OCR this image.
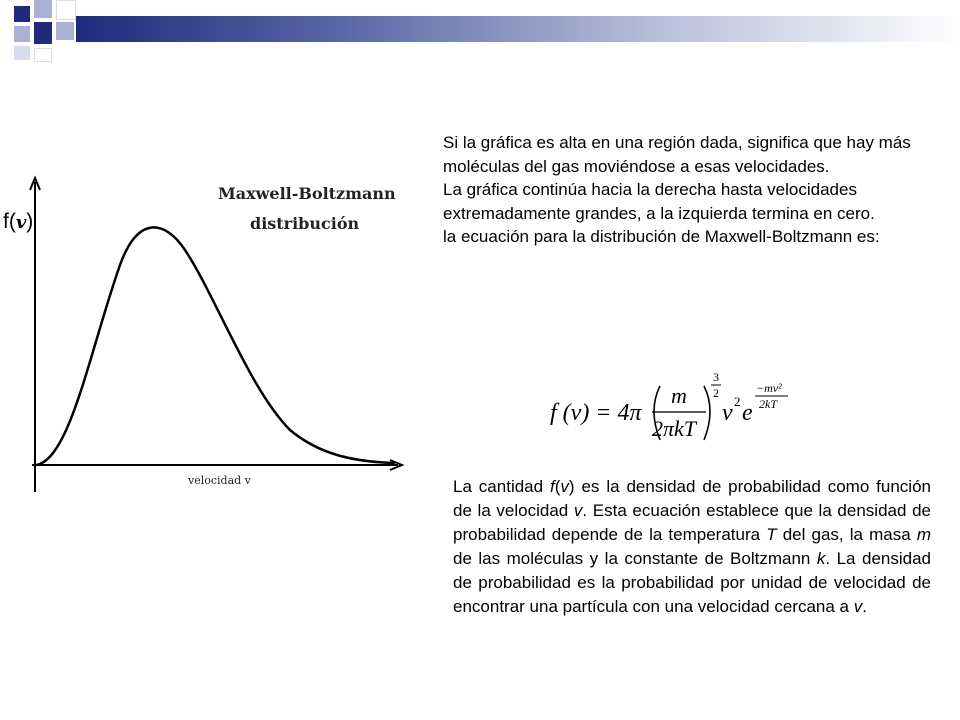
Maxwell-Boltzmann
distribución
velocidad v
f(v)

Si la gráfica es alta en una región dada, significa que hay más moléculas del gas moviéndose a esas velocidades.

La gráfica continúa hacia la derecha hasta velocidades extremadamente grandes, a la izquierda termina en cero.

la ecuación para la distribución de Maxwell-Boltzmann es:

f (v) = 4π
m
2πkT
3
2
v 2 e
−mv²
2kT
La cantidad f(v) es la densidad de probabilidad como función de la velocidad v. Esta ecuación establece que la densidad de probabilidad depende de la temperatura T del gas, la masa m de las moléculas y la constante de Boltzmann k. La densidad de probabilidad es la probabilidad por unidad de velocidad de encontrar una partícula con una velocidad cercana a v.
